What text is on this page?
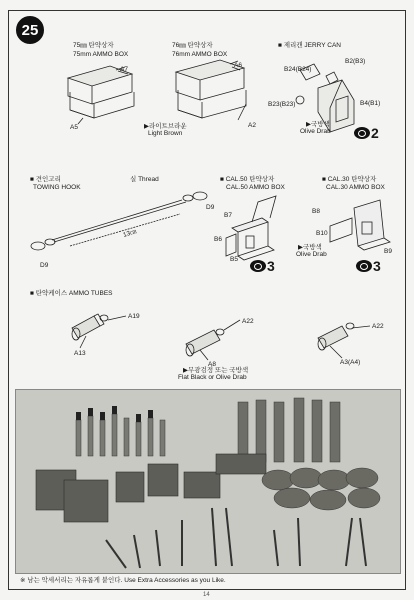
25
75㎜ 탄약상자
75mm AMMO BOX
A7
A5	▶라이트브라운
Light Brown
76㎜ 탄약상자
76mm AMMO BOX
A6
A2
■ 제리캔 JERRY CAN
B24(B24)
B2(B3)
B23(B23)	B4(B1)
▶국방색
Olive Drab	2
■ 견인고리
TOWING HOOK
실 Thread
13㎝
D9
D9
■ CAL.50 탄약상자
CAL.50 AMMO BOX
B7
B6
B5 3
■ CAL.30 탄약상자
CAL.30 AMMO BOX
B8
B10
B9
▶국방색
Olive Drab
3
■ 탄약케이스 AMMO TUBES
A19
A13
A22
A8
A22
A3(A4)
▶무광검정 또는 국방색
Flat Black or Olive Drab
※ 남는 악세서리는 자유롭게 붙인다. Use Extra Accessories as you Like.
14
